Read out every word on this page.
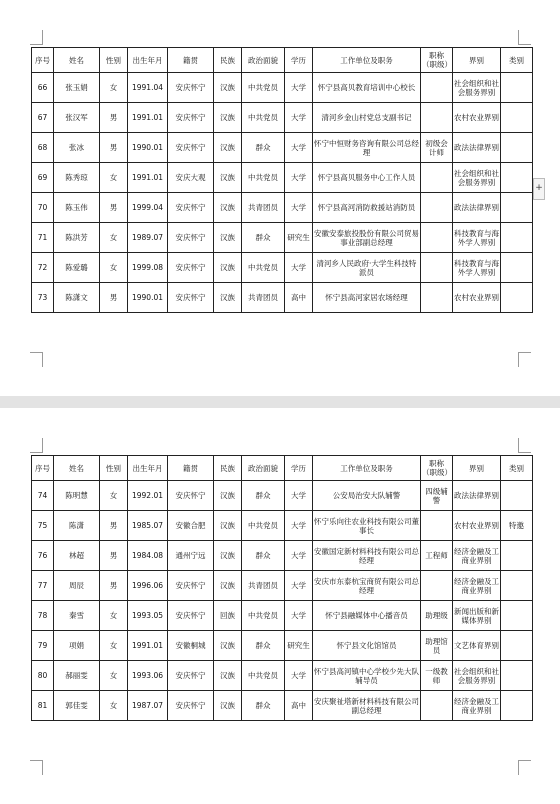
序号	姓名	性别	出生年月	籍贯	民族	政治面貌	学历	工作单位及职务	职称（职级）	界别	类别
66	张玉娟	女	1991.04	安庆怀宁	汉族	中共党员	大学	怀宁县高贝教育培训中心校长		社会组织和社会服务界别	
67	张汉军	男	1991.01	安庆怀宁	汉族	中共党员	大学	清河乡金山村党总支副书记		农村农业界别	
68	张冰	男	1990.01	安庆怀宁	汉族	群众	大学	怀宁中恒财务咨询有限公司总经理	初级会计师	政法法律界别	
69	陈秀琼	女	1991.01	安庆大观	汉族	中共党员	大学	怀宁县高贝服务中心工作人员		社会组织和社会服务界别	
70	陈玉伟	男	1999.04	安庆怀宁	汉族	共青团员	大学	怀宁县高河消防救援站消防员		政法法律界别	
71	陈洪芳	女	1989.07	安庆怀宁	汉族	群众	研究生	安徽安泰旅投股份有限公司贸易事业部副总经理		科技教育与海外学人界别	
72	陈爱璐	女	1999.08	安庆怀宁	汉族	中共党员	大学	清河乡人民政府·大学生科技特派员		科技教育与海外学人界别	
73	陈潇文	男	1990.01	安庆怀宁	汉族	共青团员	高中	怀宁县高河家居农场经理		农村农业界别	
序号	姓名	性别	出生年月	籍贯	民族	政治面貌	学历	工作单位及职务	职称（职级）	界别	类别
74	陈明慧	女	1992.01	安庆怀宁	汉族	群众	大学	公安局治安大队辅警	四级辅警	政法法律界别	
75	陈潇	男	1985.07	安徽合肥	汉族	中共党员	大学	怀宁乐向往农业科技有限公司董事长		农村农业界别	特邀
76	林超	男	1984.08	通州宁远	汉族	群众	大学	安徽国定新材料科技有限公司总经理	工程师	经济金融及工商业界别	
77	周辰	男	1996.06	安庆怀宁	汉族	共青团员	大学	安庆市东泰杭宝商贸有限公司总经理		经济金融及工商业界别	
78	秦雪	女	1993.05	安庆怀宁	回族	中共党员	大学	怀宁县融媒体中心播音员	助理级	新闻出版和新媒体界别	
79	项娟	女	1991.01	安徽桐城	汉族	群众	研究生	怀宁县文化馆馆员	助理馆员	文艺体育界别	
80	郝丽雯	女	1993.06	安庆怀宁	汉族	中共党员	大学	怀宁县高河镇中心学校少先大队辅导员	一级教师	社会组织和社会服务界别	
81	郭佳雯	女	1987.07	安庆怀宁	汉族	群众	高中	安庆聚祉塔新材料科技有限公司副总经理		经济金融及工商业界别	
+
